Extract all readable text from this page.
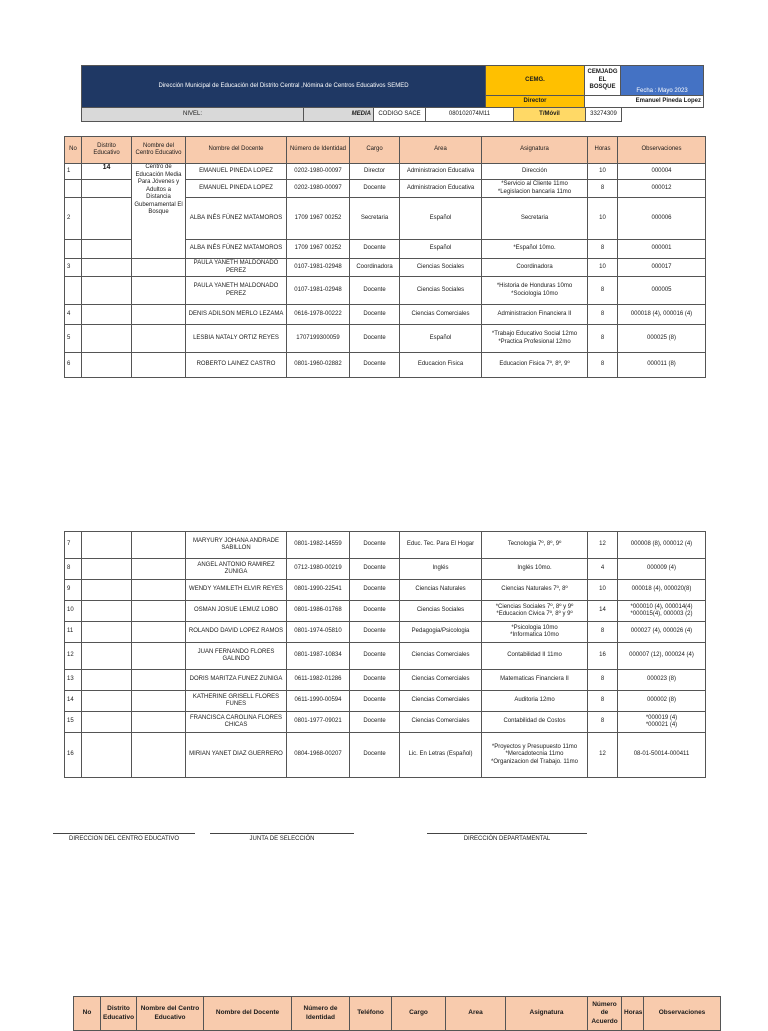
Dirección Municipal de Educación del Distrito Central ,Nómina de Centros Educativos SEMED	CEMG.	CEMJADG EL BOSQUE	Fecha : Mayo 2023
	Director	Emanuel Pineda Lopez	
NIVEL:	MEDIA	CODIGO SACE	080102074M11	T/Móvil	33274309
No	Distrito Educativo	Nombre del Centro Educativo	Nombre del Docente	Número de Identidad	Cargo	Area	Asignatura	Horas	Observaciones
1	14	Centro de Educación Media Para Jóvenes y Adultos a Distancia Gubernamental El Bosque	EMANUEL PINEDA LOPEZ	0202-1980-00097	Director	Administracion Educativa	Dirección	10	000004
			EMANUEL PINEDA LOPEZ	0202-1980-00097	Docente	Administracion Educativa	*Servicio al Cliente 11mo
*Legislacion bancaria 11mo	8	000012
2			ALBA INÉS FÚNEZ MATAMOROS	1709 1967 00252	Secretaria	Español	Secretaria	10	000006
			ALBA INÉS FÚNEZ MATAMOROS	1709 1967 00252	Docente	Español	*Español 10mo.	8	000001
3			PAULA YANETH MALDONADO PEREZ	0107-1981-02948	Coordinadora	Ciencias Sociales	Coordinadora	10	000017
			PAULA YANETH MALDONADO PEREZ	0107-1981-02948	Docente	Ciencias Sociales	*Historia de Honduras 10mo
*Sociologia 10mo	8	000005
4			DENIS ADILSON MERLO LEZAMA	0616-1978-00222	Docente	Ciencias Comerciales	Administracion Financiera II	8	000018 (4), 000016 (4)
5			LESBIA NATALY ORTIZ REYES	1707199300059	Docente	Español	*Trabajo Educativo Social 12mo
*Practica Profesional 12mo	8	000025 (8)
6			ROBERTO LAINEZ CASTRO	0801-1960-02882	Docente	Educacion Fisica	Educacion Fisica 7º, 8º, 9º	8	000011 (8)
7			MARYURY JOHANA ANDRADE SABILLON	0801-1982-14559	Docente	Educ. Tec. Para El Hogar	Tecnologia 7º, 8º, 9º	12	000008 (8), 000012 (4)
8			ANGEL ANTONIO RAMIREZ ZUNIGA	0712-1980-00219	Docente	Inglés	Inglés 10mo.	4	000009 (4)
9			WENDY YAMILETH ELVIR REYES	0801-1990-22541	Docente	Ciencias Naturales	Ciencias Naturales 7º, 8º	10	000018 (4), 000020(8)
10			OSMAN JOSUE LEMUZ LOBO	0801-1986-01768	Docente	Ciencias Sociales	*Ciencias Sociales 7º, 8º y 9º
*Educacion Civica 7º, 8º y 9º	14	*000010 (4), 000014(4)
*000015(4), 000003 (2)
11			ROLANDO DAVID LOPEZ RAMOS	0801-1974-05810	Docente	Pedagogia/Psicologia	*Psicologia 10mo
*Informatica 10mo	8	000027 (4), 000026 (4)
12			JUAN FERNANDO FLORES GALINDO	0801-1987-10834	Docente	Ciencias Comerciales	Contabilidad II 11mo	16	000007 (12), 000024 (4)
13			DORIS MARITZA FUNEZ ZUNIGA	0611-1982-01286	Docente	Ciencias Comerciales	Matematicas Financiera II	8	000023 (8)
14			KATHERINE GRISELL FLORES FUNES	0611-1990-00594	Docente	Ciencias Comerciales	Auditoria 12mo	8	000002 (8)
15			FRANCISCA CAROLINA FLORES CHICAS	0801-1977-09021	Docente	Ciencias Comerciales	Contabilidad de Costos	8	*000019 (4)
*000021 (4)
16			MIRIAN YANET DIAZ GUERRERO	0804-1968-00207	Docente	Lic. En Letras (Español)	*Proyectos y Presupuesto 11mo
*Mercadotecnia 11mo
*Organizacion del Trabajo. 11mo	12	08-01-50014-000411
DIRECCION DEL CENTRO EDUCATIVO	JUNTA DE SELECCIÓN	DIRECCIÓN DEPARTAMENTAL
No	Distrito Educativo	Nombre del Centro Educativo	Nombre del Docente	Número de Identidad	Teléfono	Cargo	Area	Asignatura	Número de Acuerdo	Horas	Observaciones
